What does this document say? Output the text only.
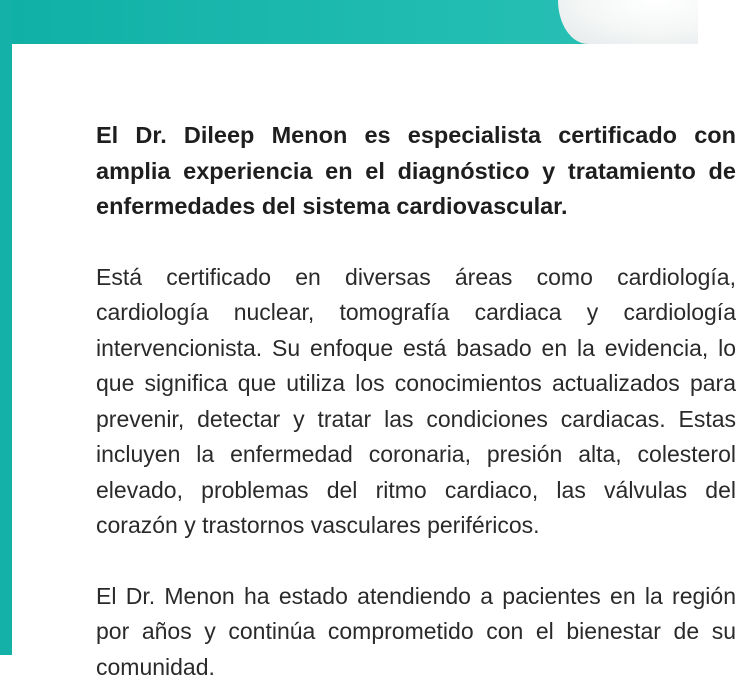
El Dr. Dileep Menon es especialista certificado con amplia experiencia en el diagnóstico y tratamiento de enfermedades del sistema cardiovascular.

Está certificado en diversas áreas como cardiología, cardiología nuclear, tomografía cardiaca y cardiología intervencionista. Su enfoque está basado en la evidencia, lo que significa que utiliza los conocimientos actualizados para prevenir, detectar y tratar las condiciones cardiacas. Estas incluyen la enfermedad coronaria, presión alta, colesterol elevado, problemas del ritmo cardiaco, las válvulas del corazón y trastornos vasculares periféricos.

El Dr. Menon ha estado atendiendo a pacientes en la región por años y continúa comprometido con el bienestar de su comunidad.
